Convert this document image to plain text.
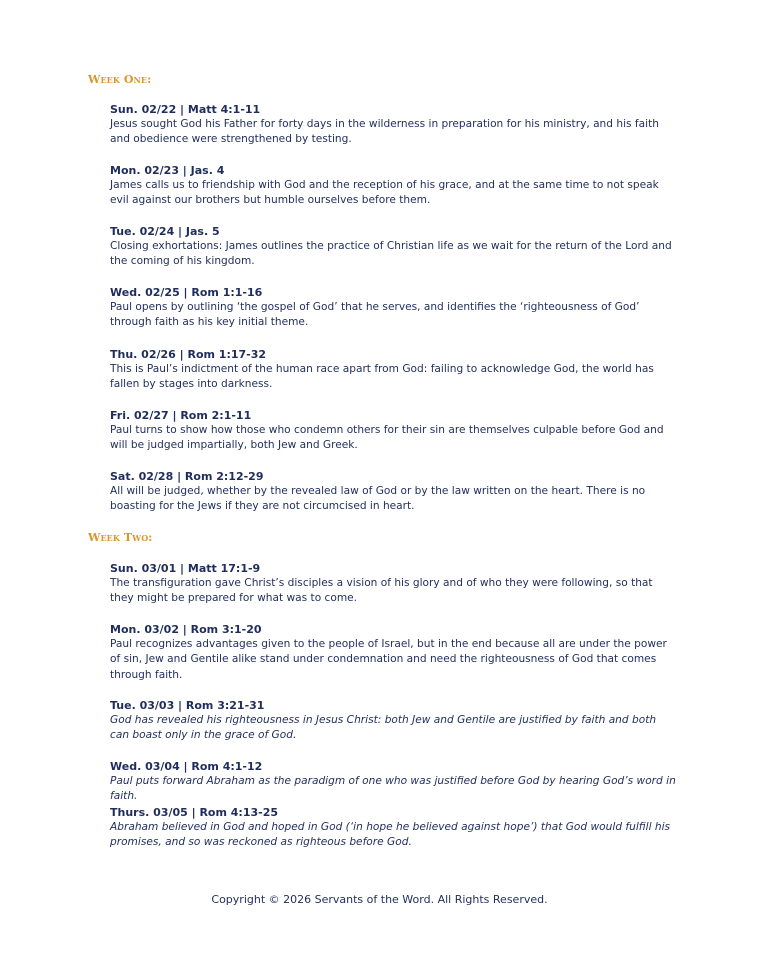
Week One:

Sun. 02/22 | Matt 4:1-11

Jesus sought God his Father for forty days in the wilderness in preparation for his ministry, and his faith and obedience were strengthened by testing.

Mon. 02/23 | Jas. 4

James calls us to friendship with God and the reception of his grace, and at the same time to not speak evil against our brothers but humble ourselves before them.

Tue. 02/24 | Jas. 5

Closing exhortations: James outlines the practice of Christian life as we wait for the return of the Lord and the coming of his kingdom.

Wed. 02/25 | Rom 1:1-16

Paul opens by outlining ‘the gospel of God’ that he serves, and identifies the ‘righteousness of God’ through faith as his key initial theme.

Thu. 02/26 | Rom 1:17-32

This is Paul’s indictment of the human race apart from God: failing to acknowledge God, the world has fallen by stages into darkness.

Fri. 02/27 | Rom 2:1-11

Paul turns to show how those who condemn others for their sin are themselves culpable before God and will be judged impartially, both Jew and Greek.

Sat. 02/28 | Rom 2:12-29

All will be judged, whether by the revealed law of God or by the law written on the heart. There is no boasting for the Jews if they are not circumcised in heart.

Week Two:

Sun. 03/01 | Matt 17:1-9

The transfiguration gave Christ’s disciples a vision of his glory and of who they were following, so that they might be prepared for what was to come.

Mon. 03/02 | Rom 3:1-20

Paul recognizes advantages given to the people of Israel, but in the end because all are under the power of sin, Jew and Gentile alike stand under condemnation and need the righteousness of God that comes through faith.

Tue. 03/03 | Rom 3:21-31

God has revealed his righteousness in Jesus Christ: both Jew and Gentile are justified by faith and both can boast only in the grace of God.

Wed. 03/04 | Rom 4:1-12

Paul puts forward Abraham as the paradigm of one who was justified before God by hearing God’s word in faith.

Thurs. 03/05 | Rom 4:13-25

Abraham believed in God and hoped in God (‘in hope he believed against hope’) that God would fulfill his promises, and so was reckoned as righteous before God.

Copyright © 2026 Servants of the Word. All Rights Reserved.
